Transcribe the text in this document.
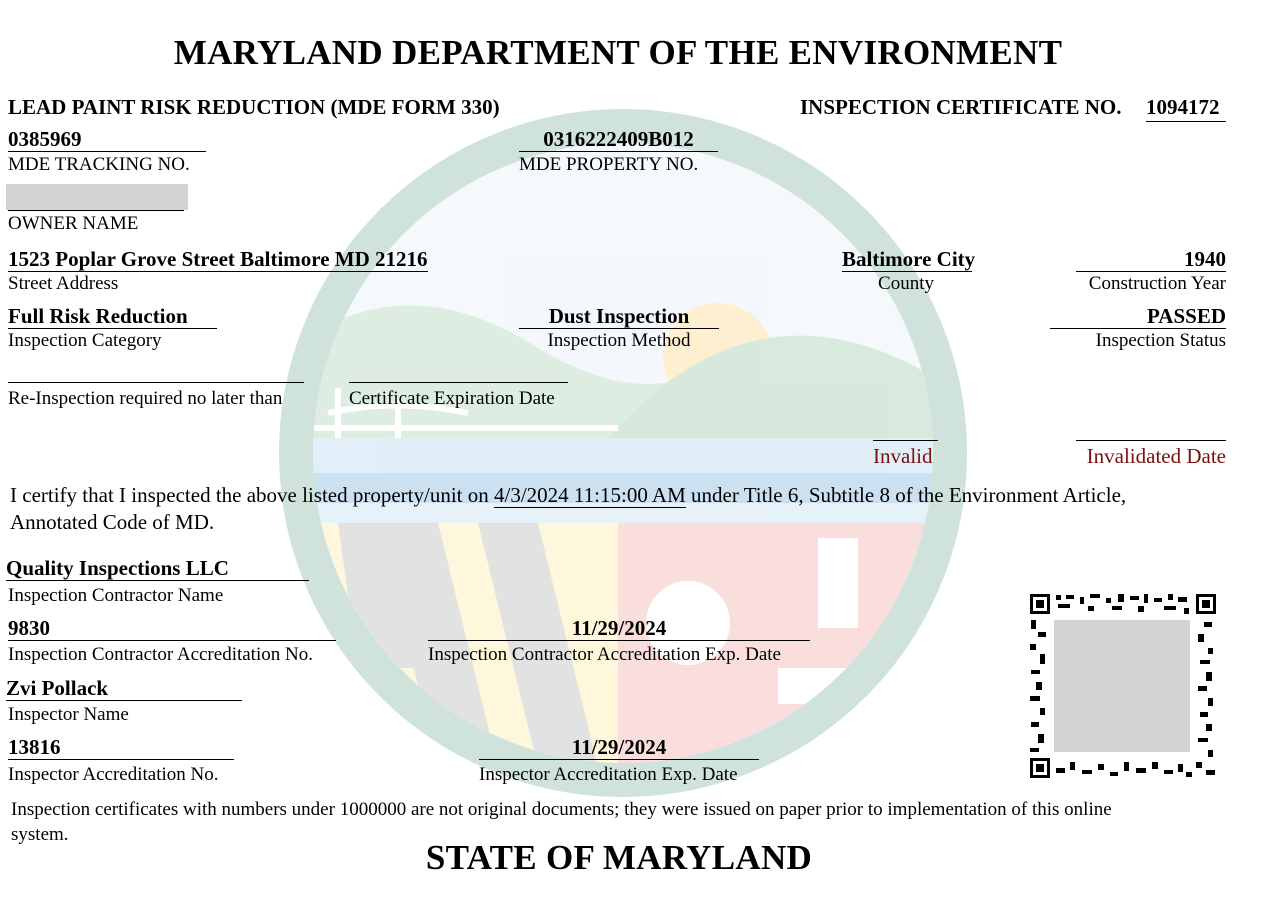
MARYLAND DEPARTMENT OF THE ENVIRONMENT
LEAD PAINT RISK REDUCTION (MDE FORM 330)	INSPECTION CERTIFICATE NO. 1094172
0385969
MDE TRACKING NO.
0316222409B012
MDE PROPERTY NO.
OWNER NAME
1523 Poplar Grove Street Baltimore MD 21216
Street Address
Baltimore City
County
1940
Construction Year
Full Risk Reduction
Inspection Category
Dust Inspection
Inspection Method
PASSED
Inspection Status
Re-Inspection required no later than	Certificate Expiration Date
Invalid	Invalidated Date
I certify that I inspected the above listed property/unit on 4/3/2024 11:15:00 AM under Title 6, Subtitle 8 of the Environment Article,
Annotated Code of MD.
Quality Inspections LLC
Inspection Contractor Name
9830
Inspection Contractor Accreditation No.
11/29/2024
Inspection Contractor Accreditation Exp. Date
Zvi Pollack
Inspector Name
13816
Inspector Accreditation No.
11/29/2024
Inspector Accreditation Exp. Date
Inspection certificates with numbers under 1000000 are not original documents; they were issued on paper prior to implementation of this online
system.
STATE OF MARYLAND
